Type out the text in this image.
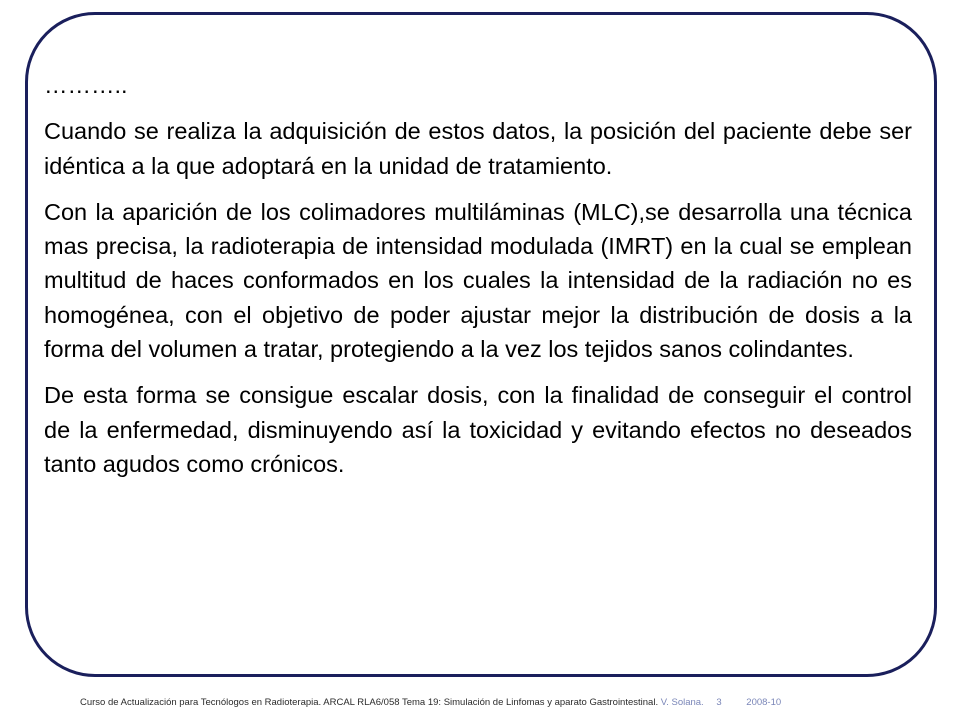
………..

Cuando se realiza la adquisición de estos datos, la posición del paciente debe ser idéntica a la que adoptará en la unidad de tratamiento.

Con la aparición de los colimadores multiláminas (MLC),se desarrolla una técnica mas precisa, la radioterapia de intensidad modulada (IMRT) en la cual se emplean multitud de haces conformados en los cuales la intensidad de la radiación no es homogénea, con el objetivo de poder ajustar mejor la distribución de dosis a la forma del volumen a tratar, protegiendo a la vez los tejidos sanos colindantes.

De esta forma se consigue escalar dosis, con la finalidad de conseguir el control de la enfermedad, disminuyendo así la toxicidad y evitando efectos no deseados tanto agudos como crónicos.

Curso de Actualización para Tecnólogos en Radioterapia. ARCAL RLA6/058 Tema 19: Simulación de Linfomas y aparato Gastrointestinal. V. Solana. 3	2008-10
